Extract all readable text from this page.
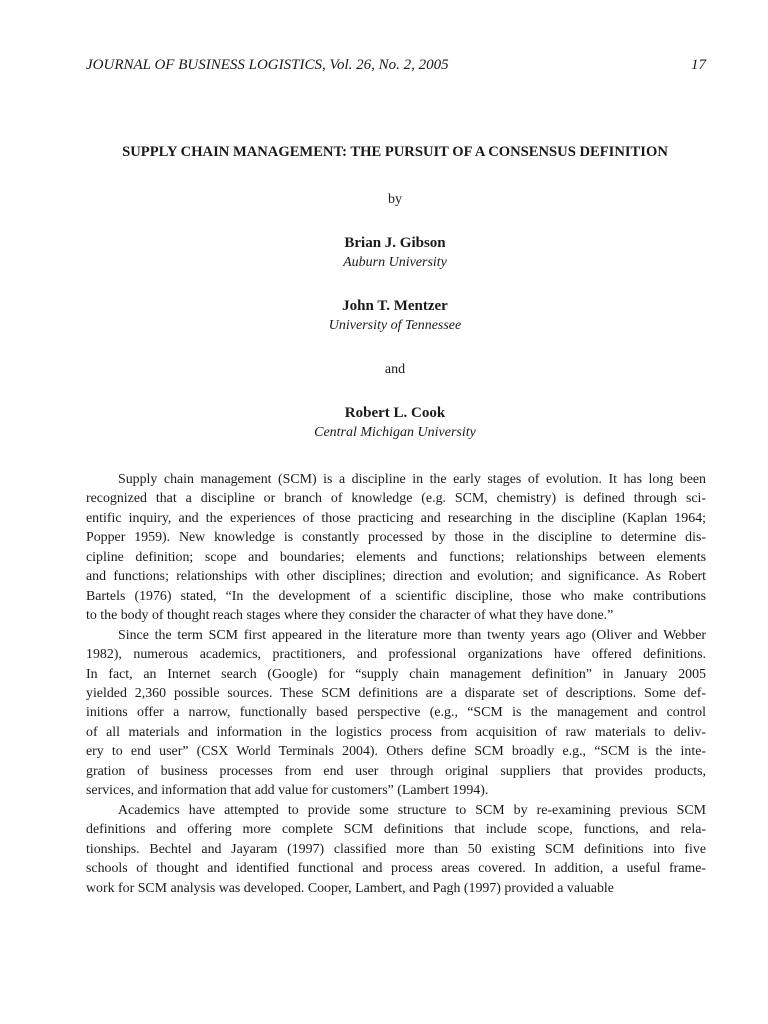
JOURNAL OF BUSINESS LOGISTICS, Vol. 26, No. 2, 2005	17
SUPPLY CHAIN MANAGEMENT: THE PURSUIT OF A CONSENSUS DEFINITION
by
Brian J. Gibson
Auburn University
John T. Mentzer
University of Tennessee
and
Robert L. Cook
Central Michigan University
Supply chain management (SCM) is a discipline in the early stages of evolution. It has long been
recognized that a discipline or branch of knowledge (e.g. SCM, chemistry) is defined through sci-
entific inquiry, and the experiences of those practicing and researching in the discipline (Kaplan 1964;
Popper 1959). New knowledge is constantly processed by those in the discipline to determine dis-
cipline definition; scope and boundaries; elements and functions; relationships between elements
and functions; relationships with other disciplines; direction and evolution; and significance. As Robert
Bartels (1976) stated, “In the development of a scientific discipline, those who make contributions
to the body of thought reach stages where they consider the character of what they have done.”
Since the term SCM first appeared in the literature more than twenty years ago (Oliver and Webber
1982), numerous academics, practitioners, and professional organizations have offered definitions.
In fact, an Internet search (Google) for “supply chain management definition” in January 2005
yielded 2,360 possible sources. These SCM definitions are a disparate set of descriptions. Some def-
initions offer a narrow, functionally based perspective (e.g., “SCM is the management and control
of all materials and information in the logistics process from acquisition of raw materials to deliv-
ery to end user” (CSX World Terminals 2004). Others define SCM broadly e.g., “SCM is the inte-
gration of business processes from end user through original suppliers that provides products,
services, and information that add value for customers” (Lambert 1994).
Academics have attempted to provide some structure to SCM by re-examining previous SCM
definitions and offering more complete SCM definitions that include scope, functions, and rela-
tionships. Bechtel and Jayaram (1997) classified more than 50 existing SCM definitions into five
schools of thought and identified functional and process areas covered. In addition, a useful frame-
work for SCM analysis was developed. Cooper, Lambert, and Pagh (1997) provided a valuable
